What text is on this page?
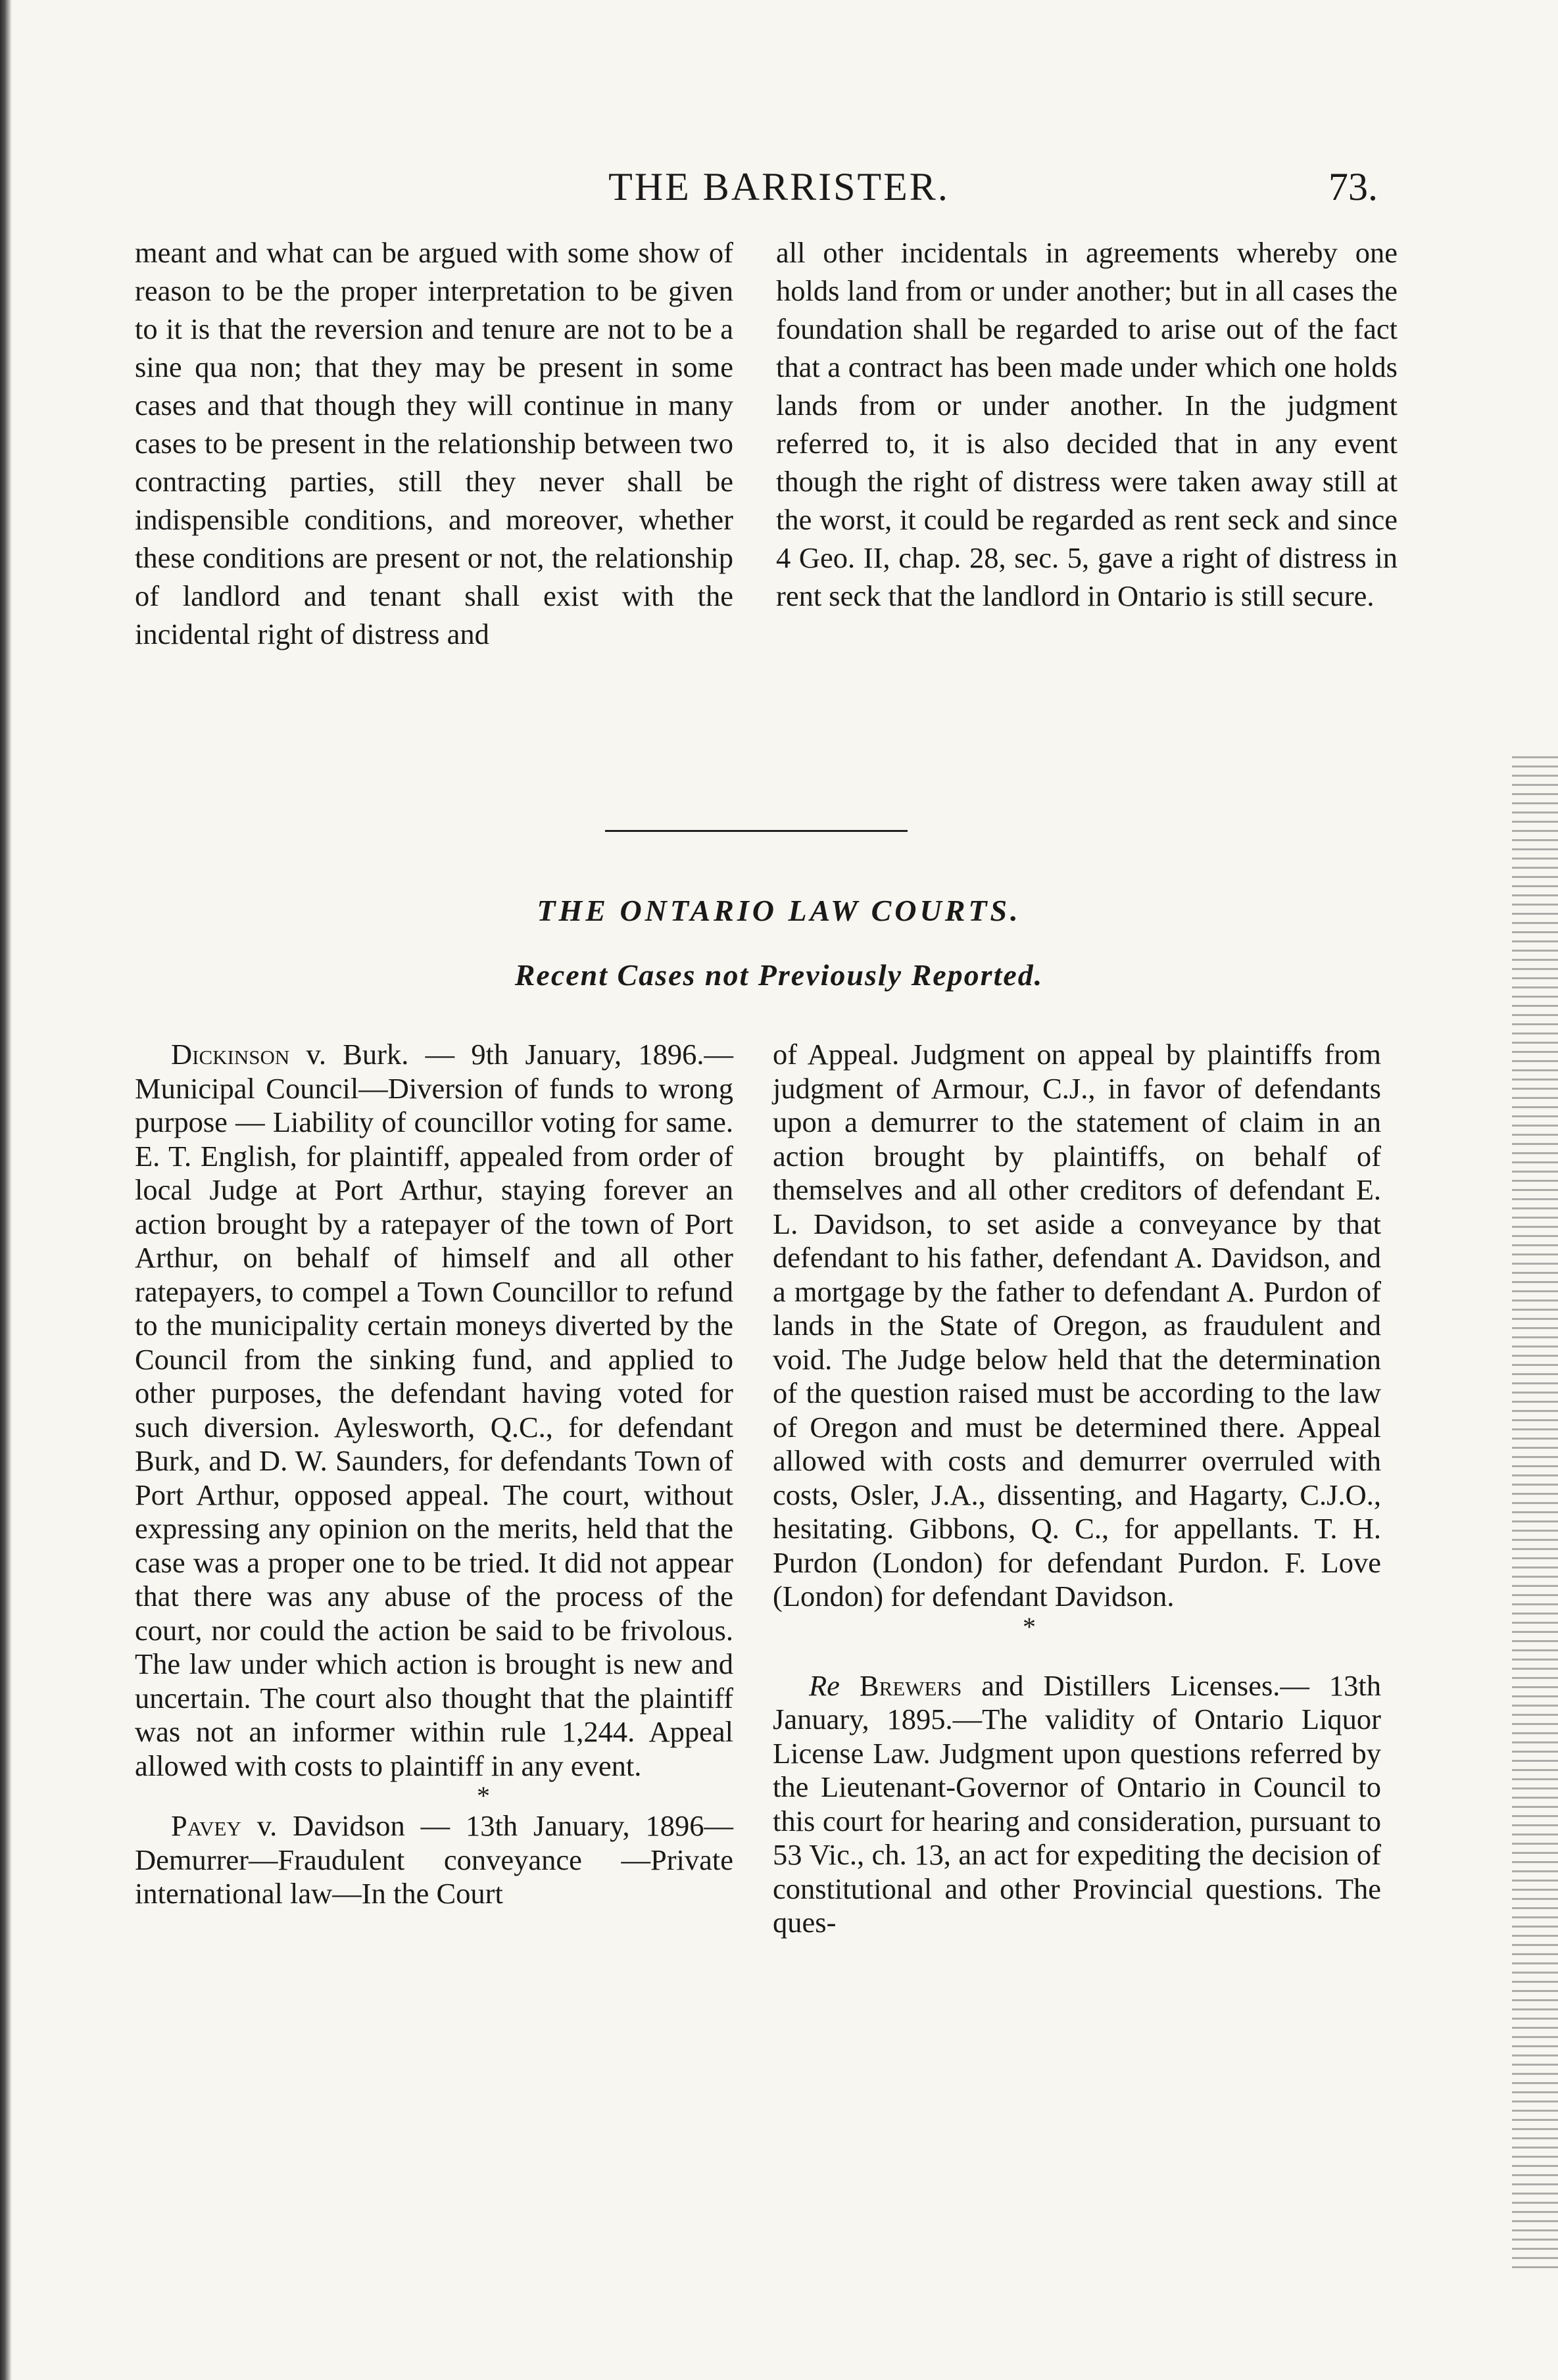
THE BARRISTER.	73.

meant and what can be argued with some show of reason to be the proper interpretation to be given to it is that the reversion and tenure are not to be a sine qua non; that they may be present in some cases and that though they will continue in many cases to be present in the relationship between two contracting parties, still they never shall be indispensible conditions, and moreover, whether these conditions are present or not, the relationship of landlord and tenant shall exist with the incidental right of distress and

all other incidentals in agreements whereby one holds land from or under another; but in all cases the foundation shall be regarded to arise out of the fact that a contract has been made under which one holds lands from or under another. In the judgment referred to, it is also decided that in any event though the right of distress were taken away still at the worst, it could be regarded as rent seck and since 4 Geo. II, chap. 28, sec. 5, gave a right of distress in rent seck that the landlord in Ontario is still secure.

THE ONTARIO LAW COURTS.
Recent Cases not Previously Reported.

Dickinson v. Burk. — 9th January, 1896.—Municipal Council—Diversion of funds to wrong purpose — Liability of councillor voting for same. E. T. English, for plaintiff, appealed from order of local Judge at Port Arthur, staying forever an action brought by a ratepayer of the town of Port Arthur, on behalf of himself and all other ratepayers, to compel a Town Councillor to refund to the municipality certain moneys diverted by the Council from the sinking fund, and applied to other purposes, the defendant having voted for such diversion. Aylesworth, Q.C., for defendant Burk, and D. W. Saunders, for defendants Town of Port Arthur, opposed appeal. The court, without expressing any opinion on the merits, held that the case was a proper one to be tried. It did not appear that there was any abuse of the process of the court, nor could the action be said to be frivolous. The law under which action is brought is new and uncertain. The court also thought that the plaintiff was not an informer within rule 1,244. Appeal allowed with costs to plaintiff in any event.

*

Pavey v. Davidson — 13th January, 1896—Demurrer—Fraudulent conveyance —Private international law—In the Court

of Appeal. Judgment on appeal by plaintiffs from judgment of Armour, C.J., in favor of defendants upon a demurrer to the statement of claim in an action brought by plaintiffs, on behalf of themselves and all other creditors of defendant E. L. Davidson, to set aside a conveyance by that defendant to his father, defendant A. Davidson, and a mortgage by the father to defendant A. Purdon of lands in the State of Oregon, as fraudulent and void. The Judge below held that the determination of the question raised must be according to the law of Oregon and must be determined there. Appeal allowed with costs and demurrer overruled with costs, Osler, J.A., dissenting, and Hagarty, C.J.O., hesitating. Gibbons, Q. C., for appellants. T. H. Purdon (London) for defendant Purdon. F. Love (London) for defendant Davidson.

*

Re Brewers and Distillers Licenses.— 13th January, 1895.—The validity of Ontario Liquor License Law. Judgment upon questions referred by the Lieutenant-Governor of Ontario in Council to this court for hearing and consideration, pursuant to 53 Vic., ch. 13, an act for expediting the decision of constitutional and other Provincial questions. The ques-
